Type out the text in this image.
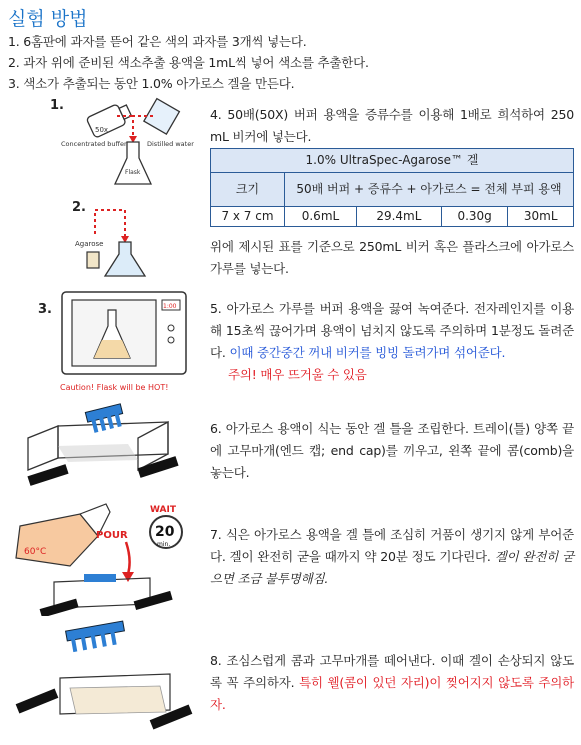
실험 방법
1. 6홈판에 과자를 뜯어 같은 색의 과자를 3개씩 넣는다.
2. 과자 위에 준비된 색소추출 용액을 1mL씩 넣어 색소를 추출한다.
3. 색소가 추출되는 동안 1.0% 아가로스 겔을 만든다.
1.
50x
Concentrated buffer	Distilled water
Flask
2.
Agarose
4. 50배(50X) 버퍼 용액을 증류수를 이용해 1배로 희석하여 250 mL 비커에 넣는다.
1.0% UltraSpec-Agarose™ 겔				
크기	50배 버퍼 + 증류수 + 아가로스 = 전체 부피 용액			
7 x 7 cm	0.6mL	29.4mL	0.30g	30mL
위에 제시된 표를 기준으로 250mL 비커 혹은 플라스크에 아가로스 가루를 넣는다.
3.	1:00
Caution! Flask will be HOT!
5. 아가로스 가루를 버퍼 용액을 끓여 녹여준다. 전자레인지를 이용해 15초씩 끊어가며 용액이 넘치지 않도록 주의하며 1분정도 돌려준다. 이때 중간중간 꺼내 비커를 빙빙 돌려가며 섞어준다.
주의! 매우 뜨거울 수 있음
6. 아가로스 용액이 식는 동안 겔 틀을 조립한다. 트레이(틀) 양쪽 끝에 고무마개(엔드 캡; end cap)를 끼우고, 왼쪽 끝에 콤(comb)을 놓는다.
60°C
POUR
WAIT
20
min.
7. 식은 아가로스 용액을 겔 틀에 조심히 거품이 생기지 않게 부어준다. 겔이 완전히 굳을 때까지 약 20분 정도 기다린다. 겔이 완전히 굳으면 조금 불투명해짐.
8. 조심스럽게 콤과 고무마개를 떼어낸다. 이때 겔이 손상되지 않도록 꼭 주의하자. 특히 웰(콤이 있던 자리)이 찢어지지 않도록 주의하자.
